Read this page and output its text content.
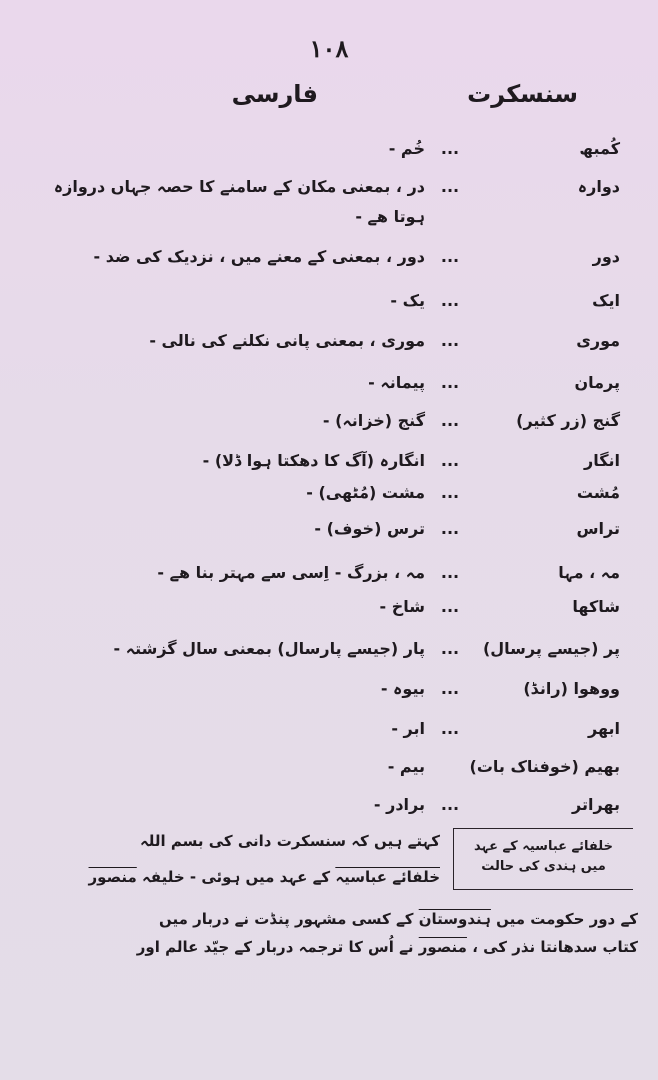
۱۰۸
سنسکرت
فارسی
کُمبھ
...
خُم -
دوارہ
...
در ، بمعنی مکان کے سامنے کا حصہ جہاں دروازہ ہوتا ھے -
دور
...
دور ، بمعنی کے معنے میں ، نزدیک کی ضد -
ایک
...
یک -
موری
...
موری ، بمعنی پانی نکلنے کی نالی -
پرمان
...
پیمانہ -
گنج (زر کثیر)
...
گنج (خزانہ) -
انگار
...
انگارہ (آگ کا دھکتا ہوا ڈلا) -
مُشت
...
مشت (مُٹھی) -
تراس
...
ترس (خوف) -
مہ ، مہا
...
مہ ، بزرگ - اِسی سے مہتر بنا ھے -
شاکھا
...
شاخ -
پر (جیسے پرسال)
...
پار (جیسے پارسال) بمعنی سال گزشتہ -
ووھوا (رانڈ)
...
بیوہ -
ابھر
...
ابر -
بھیم (خوفناک بات)
بیم -
بھراتر
...
برادر -
خلفائے عباسیہ کے عہد
میں ہندی کی حالت
کہتے ہیں کہ سنسکرت دانی کی بسم اللہ
خلفائے عباسیہ کے عہد میں ہوئی - خلیفہ منصور
کے دور حکومت میں ہندوستان کے کسی مشہور پنڈت نے دربار میں
کتاب سدھانتا نذر کی ، منصور نے اُس کا ترجمہ دربار کے جیّد عالم اور
